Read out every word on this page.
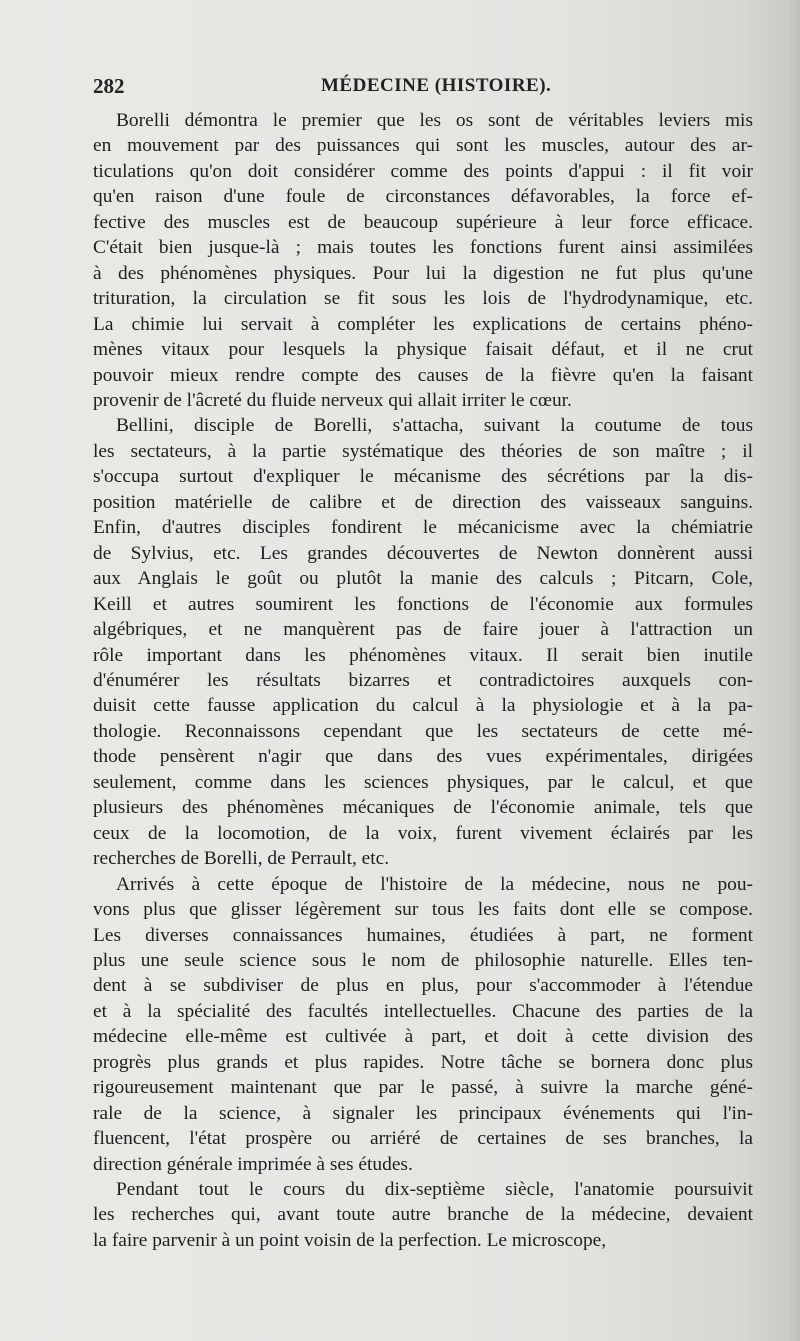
282	MÉDECINE (HISTOIRE).

Borelli démontra le premier que les os sont de véritables leviers mis
en mouvement par des puissances qui sont les muscles, autour des ar-
ticulations qu'on doit considérer comme des points d'appui : il fit voir
qu'en raison d'une foule de circonstances défavorables, la force ef-
fective des muscles est de beaucoup supérieure à leur force efficace.
C'était bien jusque-là ; mais toutes les fonctions furent ainsi assimilées
à des phénomènes physiques. Pour lui la digestion ne fut plus qu'une
trituration, la circulation se fit sous les lois de l'hydrodynamique, etc.
La chimie lui servait à compléter les explications de certains phéno-
mènes vitaux pour lesquels la physique faisait défaut, et il ne crut
pouvoir mieux rendre compte des causes de la fièvre qu'en la faisant
provenir de l'âcreté du fluide nerveux qui allait irriter le cœur.

Bellini, disciple de Borelli, s'attacha, suivant la coutume de tous
les sectateurs, à la partie systématique des théories de son maître ; il
s'occupa surtout d'expliquer le mécanisme des sécrétions par la dis-
position matérielle de calibre et de direction des vaisseaux sanguins.
Enfin, d'autres disciples fondirent le mécanicisme avec la chémiatrie
de Sylvius, etc. Les grandes découvertes de Newton donnèrent aussi
aux Anglais le goût ou plutôt la manie des calculs ; Pitcarn, Cole,
Keill et autres soumirent les fonctions de l'économie aux formules
algébriques, et ne manquèrent pas de faire jouer à l'attraction un
rôle important dans les phénomènes vitaux. Il serait bien inutile
d'énumérer les résultats bizarres et contradictoires auxquels con-
duisit cette fausse application du calcul à la physiologie et à la pa-
thologie. Reconnaissons cependant que les sectateurs de cette mé-
thode pensèrent n'agir que dans des vues expérimentales, dirigées
seulement, comme dans les sciences physiques, par le calcul, et que
plusieurs des phénomènes mécaniques de l'économie animale, tels que
ceux de la locomotion, de la voix, furent vivement éclairés par les
recherches de Borelli, de Perrault, etc.

Arrivés à cette époque de l'histoire de la médecine, nous ne pou-
vons plus que glisser légèrement sur tous les faits dont elle se compose.
Les diverses connaissances humaines, étudiées à part, ne forment
plus une seule science sous le nom de philosophie naturelle. Elles ten-
dent à se subdiviser de plus en plus, pour s'accommoder à l'étendue
et à la spécialité des facultés intellectuelles. Chacune des parties de la
médecine elle-même est cultivée à part, et doit à cette division des
progrès plus grands et plus rapides. Notre tâche se bornera donc plus
rigoureusement maintenant que par le passé, à suivre la marche géné-
rale de la science, à signaler les principaux événements qui l'in-
fluencent, l'état prospère ou arriéré de certaines de ses branches, la
direction générale imprimée à ses études.

Pendant tout le cours du dix-septième siècle, l'anatomie poursuivit
les recherches qui, avant toute autre branche de la médecine, devaient
la faire parvenir à un point voisin de la perfection. Le microscope,
